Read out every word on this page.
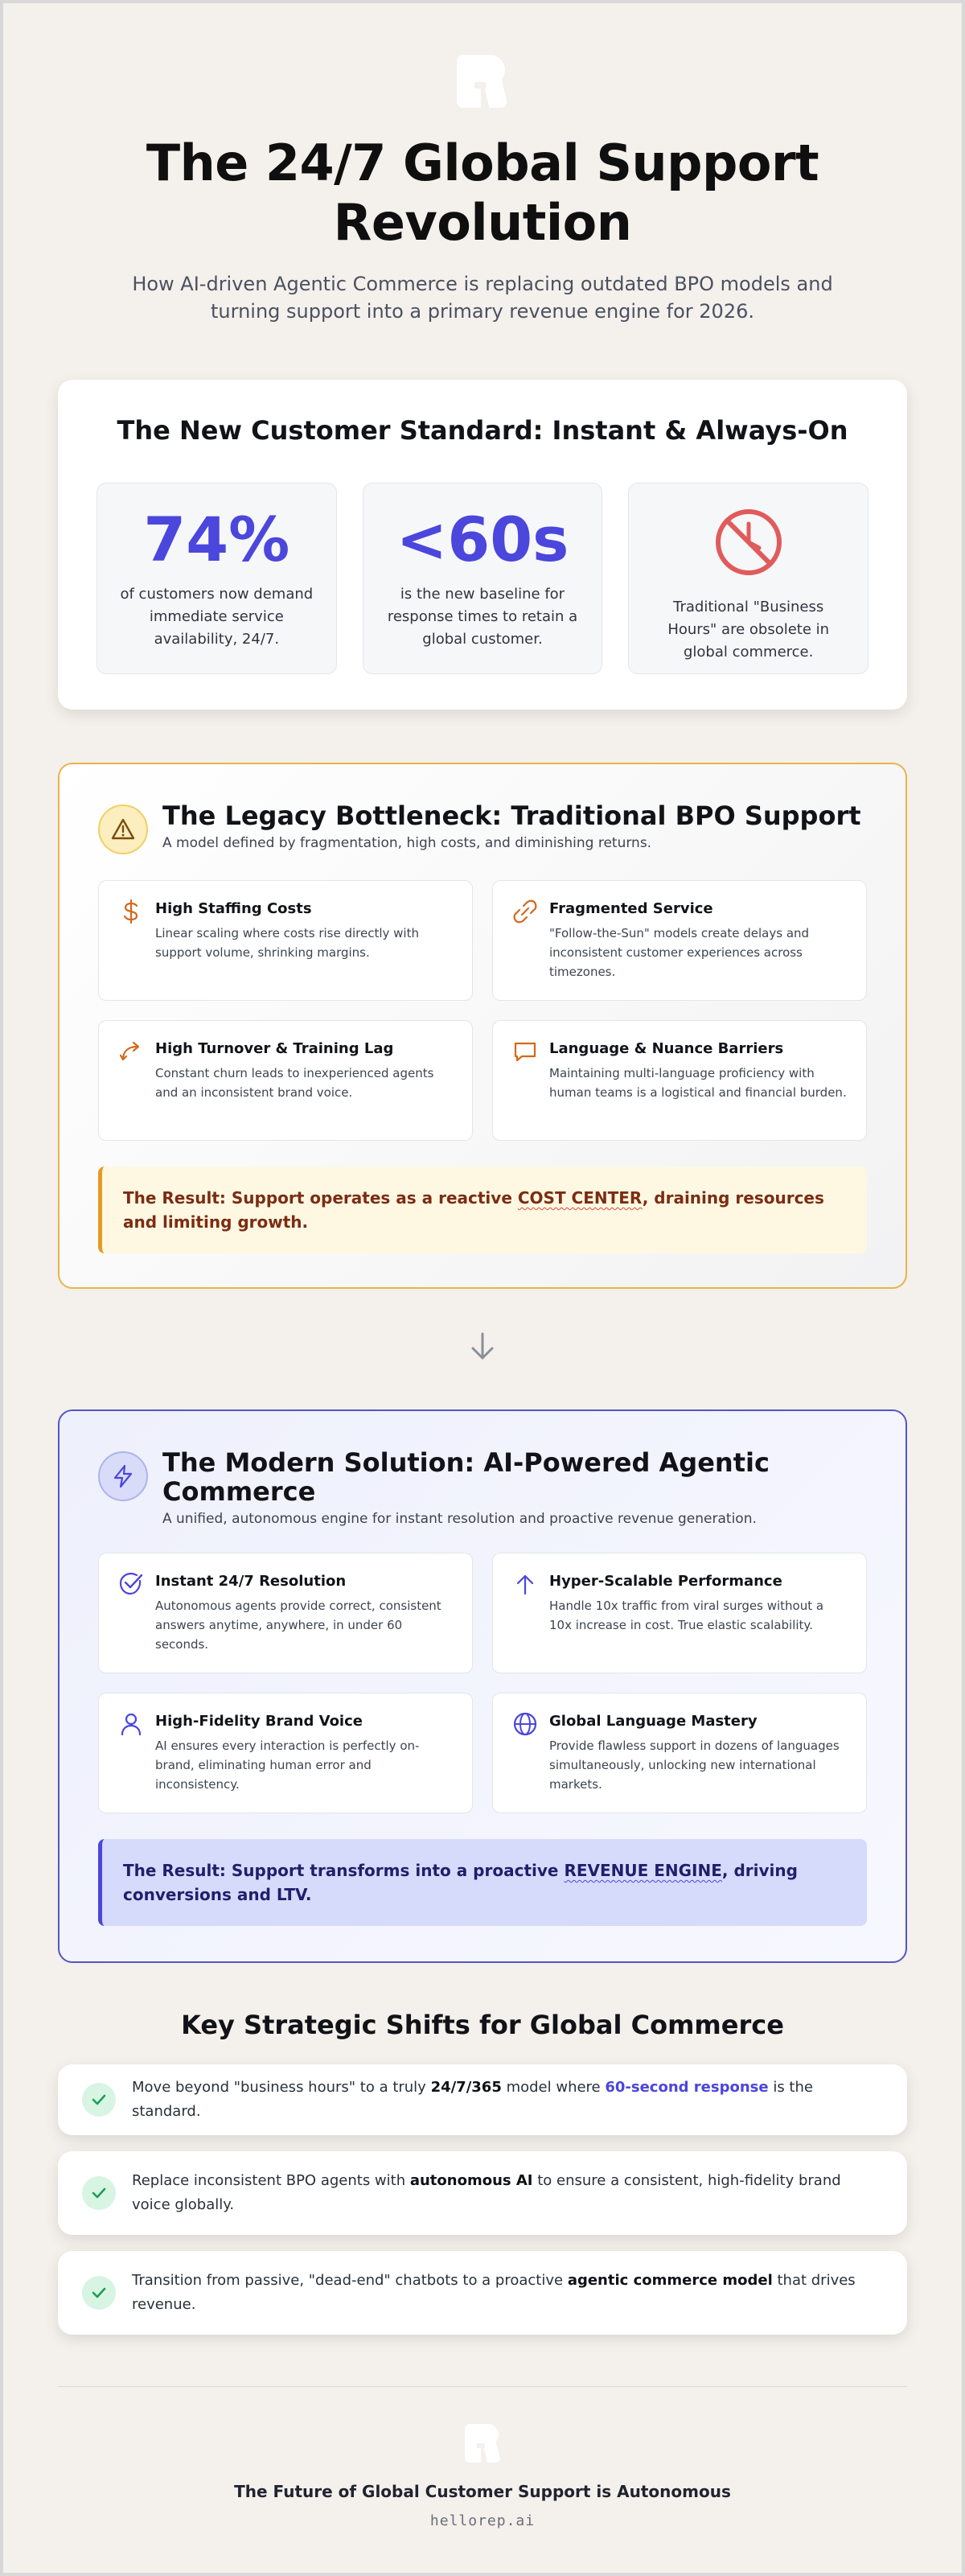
The 24/7 Global Support Revolution

How AI-driven Agentic Commerce is replacing outdated BPO models and turning support into a primary revenue engine for 2026.

The New Customer Standard: Instant & Always-On
74%
of customers now demand immediate service availability, 24/7.
<60s
is the new baseline for response times to retain a global customer.
Traditional "Business Hours" are obsolete in global commerce.
The Legacy Bottleneck: Traditional BPO Support
A model defined by fragmentation, high costs, and diminishing returns.
High Staffing Costs
Linear scaling where costs rise directly with support volume, shrinking margins.
Fragmented Service
"Follow-the-Sun" models create delays and inconsistent customer experiences across timezones.
High Turnover & Training Lag
Constant churn leads to inexperienced agents and an inconsistent brand voice.
Language & Nuance Barriers
Maintaining multi-language proficiency with human teams is a logistical and financial burden.
The Result: Support operates as a reactive COST CENTER, draining resources and limiting growth.
The Modern Solution: AI-Powered Agentic Commerce
A unified, autonomous engine for instant resolution and proactive revenue generation.
Instant 24/7 Resolution
Autonomous agents provide correct, consistent answers anytime, anywhere, in under 60 seconds.
Hyper-Scalable Performance
Handle 10x traffic from viral surges without a 10x increase in cost. True elastic scalability.
High-Fidelity Brand Voice
AI ensures every interaction is perfectly on-brand, eliminating human error and inconsistency.
Global Language Mastery
Provide flawless support in dozens of languages simultaneously, unlocking new international markets.
The Result: Support transforms into a proactive REVENUE ENGINE, driving conversions and LTV.
Key Strategic Shifts for Global Commerce
Move beyond "business hours" to a truly 24/7/365 model where 60-second response is the standard.
Replace inconsistent BPO agents with autonomous AI to ensure a consistent, high-fidelity brand voice globally.
Transition from passive, "dead-end" chatbots to a proactive agentic commerce model that drives revenue.
The Future of Global Customer Support is Autonomous
hellorep.ai
